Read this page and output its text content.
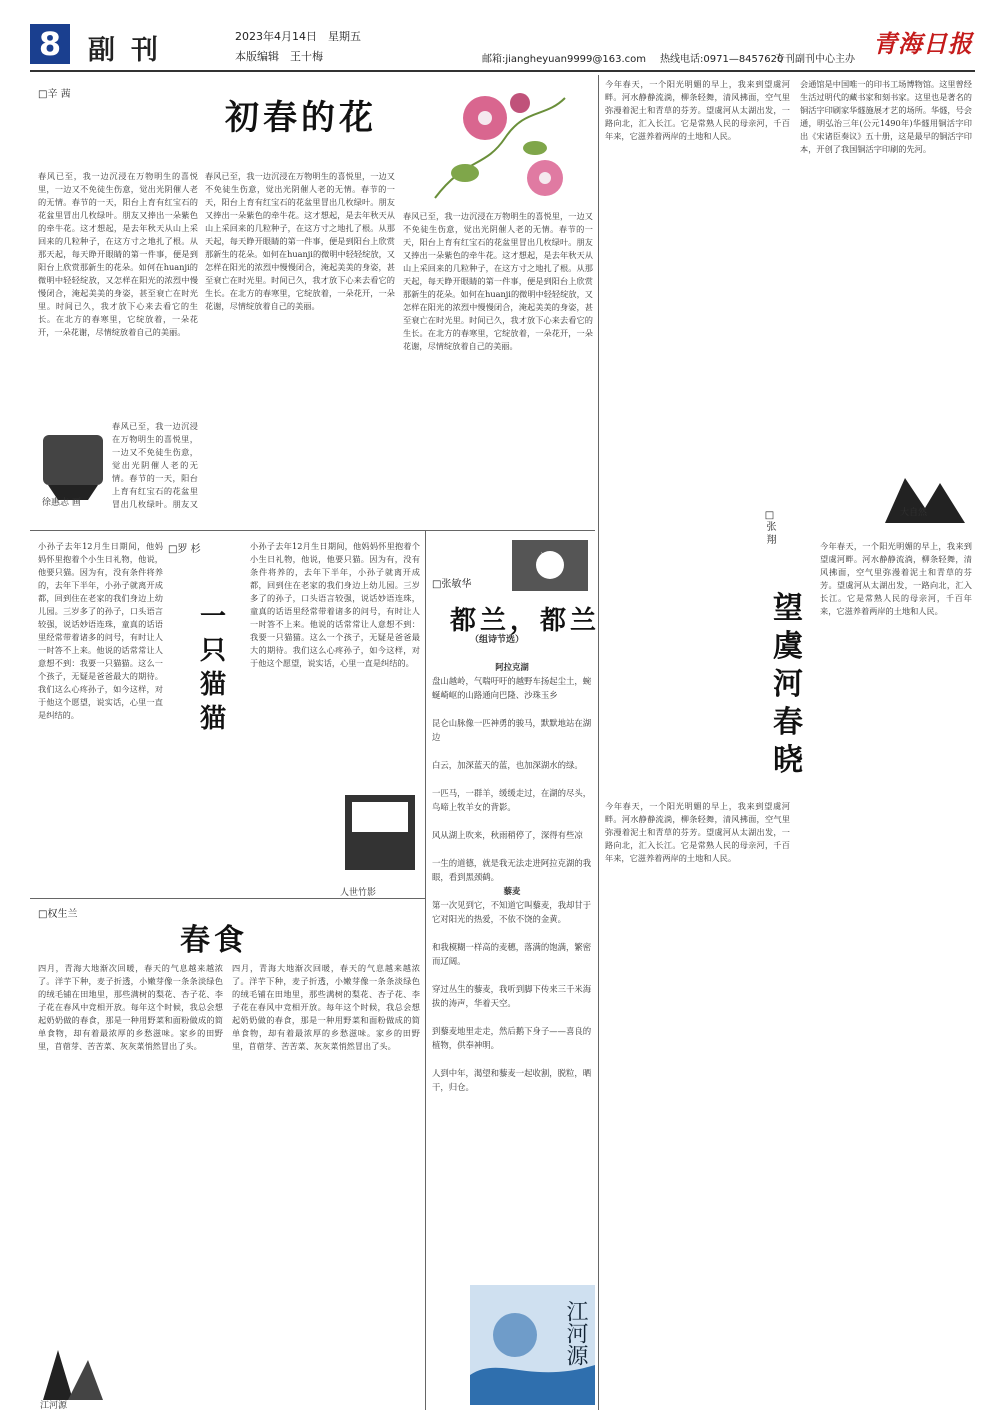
8 副刊	2023年4月14日　星期五
本版编辑　王十梅	邮箱:jianghеyuan9999@163.com 热线电话:0971—8457620
专刊副刊中心主办
青海日报
□辛 茜
初春的花
春风已至，我一边沉浸在万物明生的喜悦里，一边又不免徒生伤意，觉出光阴催人老的无情。春节的一天，阳台上育有红宝石的花盆里冒出几枚绿叶。朋友又捧出一朵紫色的牵牛花。这才想起，是去年秋天从山上采回来的几粒种子，在这方寸之地扎了根。从那天起，每天睁开眼睛的第一件事，便是到阳台上欣赏那新生的花朵。如何在huanji的微明中轻轻绽放，又怎样在阳光的浓烈中慢慢闭合，淹起美美的身姿，甚至衰亡在时光里。时间已久，我才放下心来去看它的生长。在北方的春寒里，它绽放着，一朵花开，一朵花谢，尽情绽放着自己的美丽。
春风已至，我一边沉浸在万物明生的喜悦里，一边又不免徒生伤意，觉出光阴催人老的无情。春节的一天，阳台上育有红宝石的花盆里冒出几枚绿叶。朋友又捧出一朵紫色的牵牛花。这才想起，是去年秋天从山上采回来的几粒种子，在这方寸之地扎了根。从那天起，每天睁开眼睛的第一件事，便是到阳台上欣赏那新生的花朵。如何在huanji的微明中轻轻绽放，又怎样在阳光的浓烈中慢慢闭合，淹起美美的身姿，甚至衰亡在时光里。时间已久，我才放下心来去看它的生长。在北方的春寒里，它绽放着，一朵花开，一朵花谢，尽情绽放着自己的美丽。
春风已至，我一边沉浸在万物明生的喜悦里，一边又不免徒生伤意，觉出光阴催人老的无情。春节的一天，阳台上育有红宝石的花盆里冒出几枚绿叶。朋友又捧出一朵紫色的牵牛花。这才想起，是去年秋天从山上采回来的几粒种子，在这方寸之地扎了根。从那天起，每天睁开眼睛的第一件事，便是到阳台上欣赏那新生的花朵。如何在huanji的微明中轻轻绽放，又怎样在阳光的浓烈中慢慢闭合，淹起美美的身姿，甚至衰亡在时光里。时间已久，我才放下心来去看它的生长。在北方的春寒里，它绽放着，一朵花开，一朵花谢，尽情绽放着自己的美丽。
徐惠志 画
春风已至，我一边沉浸在万物明生的喜悦里，一边又不免徒生伤意，觉出光阴催人老的无情。春节的一天，阳台上育有红宝石的花盆里冒出几枚绿叶。朋友又
□罗 杉
一只猫猫
小孙子去年12月生日期间，他妈妈怀里抱着个小生日礼物，他说，他要只猫。因为有，没有条件将养的，去年下半年，小孙子就离开成都，回到住在老家的我们身边上幼儿园。三岁多了的孙子，口头语言较强，说话妙语连珠，童真的话语里经常带着诸多的问号，有时让人一时答不上来。他说的话常常让人意想不到：我要一只猫猫。这么一个孩子，无疑是爸爸最大的期待。我们这么心疼孙子，如今这样，对于他这个愿望，说实话，心里一直是纠结的。
小孙子去年12月生日期间，他妈妈怀里抱着个小生日礼物，他说，他要只猫。因为有，没有条件将养的，去年下半年，小孙子就离开成都，回到住在老家的我们身边上幼儿园。三岁多了的孙子，口头语言较强，说话妙语连珠，童真的话语里经常带着诸多的问号，有时让人一时答不上来。他说的话常常让人意想不到：我要一只猫猫。这么一个孩子，无疑是爸爸最大的期待。我们这么心疼孙子，如今这样，对于他这个愿望，说实话，心里一直是纠结的。
人世竹影
□权生兰
春食
四月，青海大地渐次回暖，春天的气息越来越浓了。洋芋下种，麦子折透，小嫩芽像一条条淡绿色的绒毛铺在田地里，那些满树的梨花、杏子花、李子花在春风中竞相开放。每年这个时候，我总会想起奶奶做的春食，那是一种用野菜和面粉做成的简单食物，却有着最浓厚的乡愁滋味。家乡的田野里，苜蓿芽、苦苦菜、灰灰菜悄然冒出了头。
四月，青海大地渐次回暖，春天的气息越来越浓了。洋芋下种，麦子折透，小嫩芽像一条条淡绿色的绒毛铺在田地里，那些满树的梨花、杏子花、李子花在春风中竞相开放。每年这个时候，我总会想起奶奶做的春食，那是一种用野菜和面粉做成的简单食物，却有着最浓厚的乡愁滋味。家乡的田野里，苜蓿芽、苦苦菜、灰灰菜悄然冒出了头。
江河源
□张敏华
都兰，都兰
（组诗节选）
诗人
阿拉克湖
盘山越岭，气喘吁吁的越野车扬起尘土，蜿蜒崎岖的山路通向巴隆、沙珠玉乡

昆仑山脉像一匹神勇的骏马，默默地站在湖边

白云，加深蓝天的蓝，也加深湖水的绿。

一匹马，一群羊，缓缓走过，在湖的尽头，鸟啼上牧羊女的背影。

风从湖上吹来，秋雨稍停了，深得有些凉

一生的道德，就是我无法走进阿拉克湖的我眼，看到黑颈鹤。
藜麦
第一次见到它，不知道它叫藜麦，我却甘于它对阳光的热爱，不依不饶的金黄。

和我模糊一样高的麦穗，落满的饱满，繁密而辽阔。

穿过丛生的藜麦，我听到脚下传来三千米海拔的涛声，华着天空。

到藜麦地里走走，然后鹅下身子——喜良的植物，供奉神明。

人到中年，渴望和藜麦一起收割，脱粒，晒干，归仓。
江河源
今年春天，一个阳光明媚的早上，我来到望虞河畔。河水静静流淌，柳条轻舞，清风拂面，空气里弥漫着泥土和青草的芬芳。望虞河从太湖出发，一路向北，汇入长江。它是常熟人民的母亲河，千百年来，它滋养着两岸的土地和人民。
今年春天，一个阳光明媚的早上，我来到望虞河畔。河水静静流淌，柳条轻舞，清风拂面，空气里弥漫着泥土和青草的芬芳。望虞河从太湖出发，一路向北，汇入长江。它是常熟人民的母亲河，千百年来，它滋养着两岸的土地和人民。
□张 翔
望虞河春晓
大自然
会通馆是中国唯一的印书工场博物馆。这里曾经生活过明代的藏书家和刻书家。这里也是著名的铜活字印刷家华燧施展才艺的场所。华燧，号会通，明弘治三年(公元1490年)华燧用铜活字印出《宋诸臣奏议》五十册，这是最早的铜活字印本，开创了我国铜活字印刷的先河。
今年春天，一个阳光明媚的早上，我来到望虞河畔。河水静静流淌，柳条轻舞，清风拂面，空气里弥漫着泥土和青草的芬芳。望虞河从太湖出发，一路向北，汇入长江。它是常熟人民的母亲河，千百年来，它滋养着两岸的土地和人民。
